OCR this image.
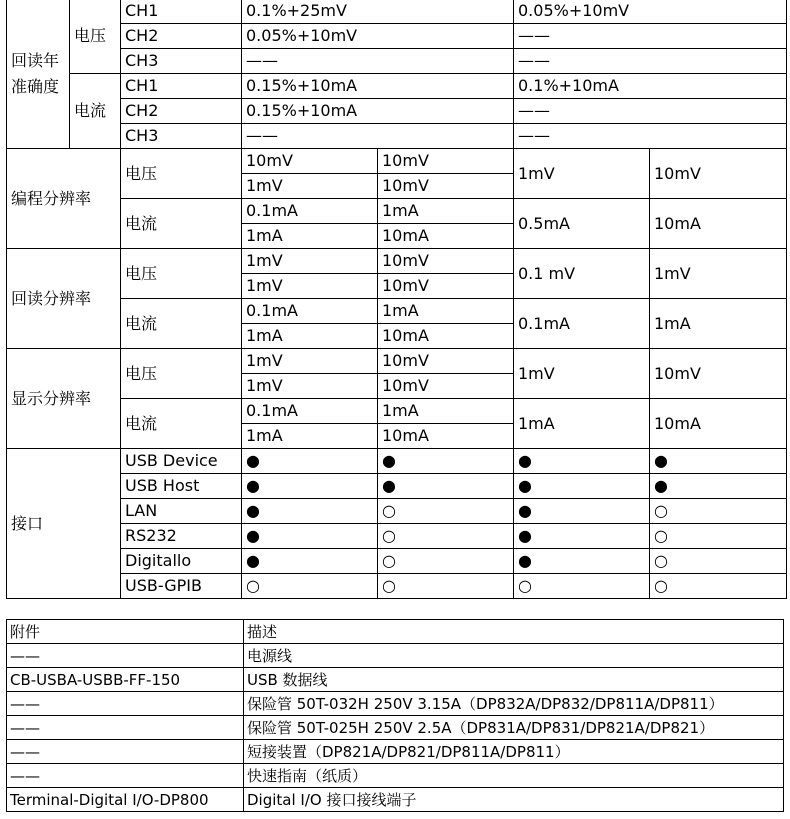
回读年准确度	电压	CH1	0.1%+25mV		0.05%+10mV	
		CH2	0.05%+10mV		——	
		CH3	——		——	
	电流	CH1	0.15%+10mA		0.1%+10mA	
		CH2	0.15%+10mA		——	
		CH3	——		——	
编程分辨率		电压	10mV	10mV	1mV	10mV
			1mV	10mV		
		电流	0.1mA	1mA	0.5mA	10mA
			1mA	10mA		
回读分辨率		电压	1mV	10mV	0.1 mV	1mV
			1mV	10mV		
		电流	0.1mA	1mA	0.1mA	1mA
			1mA	10mA		
显示分辨率		电压	1mV	10mV	1mV	10mV
			1mV	10mV		
		电流	0.1mA	1mA	1mA	10mA
			1mA	10mA		
接口		USB Device	●	●	●	●
		USB Host	●	●	●	●
		LAN	●	○	●	○
		RS232	●	○	●	○
		Digitallo	●	○	●	○
		USB-GPIB	○	○	○	○
附件	描述
——	电源线
CB-USBA-USBB-FF-150	USB 数据线
——	保险管 50T-032H 250V 3.15A（DP832A/DP832/DP811A/DP811）
——	保险管 50T-025H 250V 2.5A（DP831A/DP831/DP821A/DP821）
——	短接装置（DP821A/DP821/DP811A/DP811）
——	快速指南（纸质）
Terminal-Digital I/O-DP800	Digital I/O 接口接线端子
